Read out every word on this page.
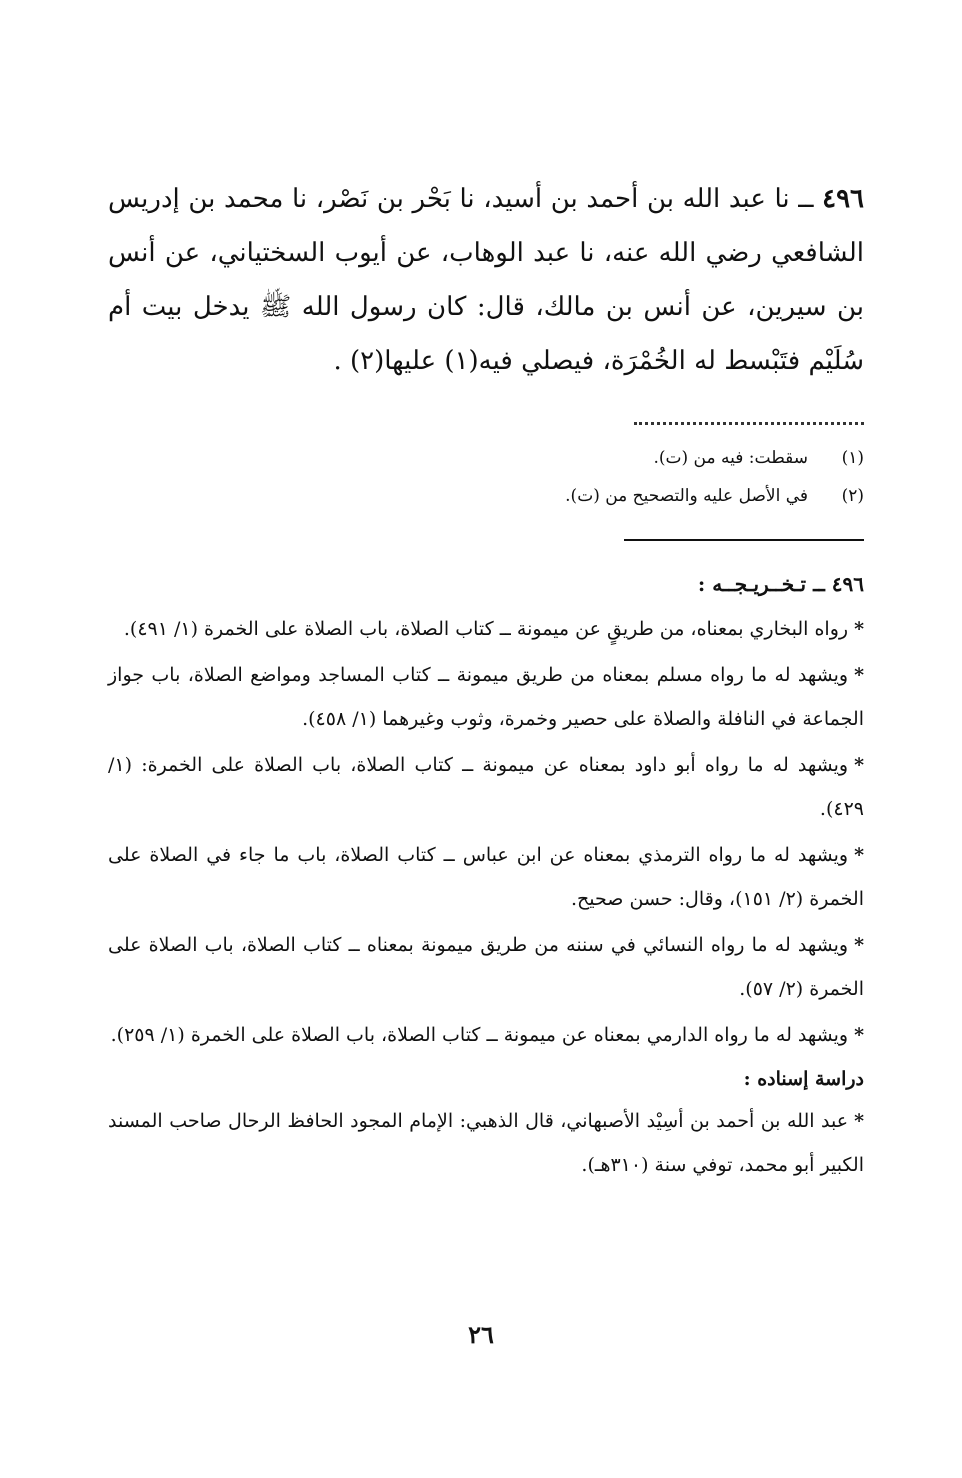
٤٩٦ ــ نا عبد الله بن أحمد بن أسيد، نا بَحْر بن نَصْر، نا محمد بن إدريس الشافعي رضي الله عنه، نا عبد الوهاب، عن أيوب السختياني، عن أنس بن سيرين، عن أنس بن مالك، قال: كان رسول الله ﷺ يدخل بيت أم سُلَيْم فتَبْسط له الخُمْرَة، فيصلي فيه(١) عليها(٢) .

(١)
سقطت: فيه من (ت).
(٢)
في الأصل عليه والتصحيح من (ت).
٤٩٦ ــ تـخــريـجــه :

*رواه البخاري بمعناه، من طريقٍ عن ميمونة ــ كتاب الصلاة، باب الصلاة على الخمرة (١/ ٤٩١).

*ويشهد له ما رواه مسلم بمعناه من طريق ميمونة ــ كتاب المساجد ومواضع الصلاة، باب جواز الجماعة في النافلة والصلاة على حصير وخمرة، وثوب وغيرهما (١/ ٤٥٨).

*ويشهد له ما رواه أبو داود بمعناه عن ميمونة ــ كتاب الصلاة، باب الصلاة على الخمرة: (١/ ٤٢٩).

*ويشهد له ما رواه الترمذي بمعناه عن ابن عباس ــ كتاب الصلاة، باب ما جاء في الصلاة على الخمرة (٢/ ١٥١)، وقال: حسن صحيح.

*ويشهد له ما رواه النسائي في سننه من طريق ميمونة بمعناه ــ كتاب الصلاة، باب الصلاة على الخمرة (٢/ ٥٧).

*ويشهد له ما رواه الدارمي بمعناه عن ميمونة ــ كتاب الصلاة، باب الصلاة على الخمرة (١/ ٢٥٩).

دراسة إسناده :

*عبد الله بن أحمد بن أسِيْد الأصبهاني، قال الذهبي: الإمام المجود الحافظ الرحال صاحب المسند الكبير أبو محمد، توفي سنة (٣١٠هـ).

٢٦
